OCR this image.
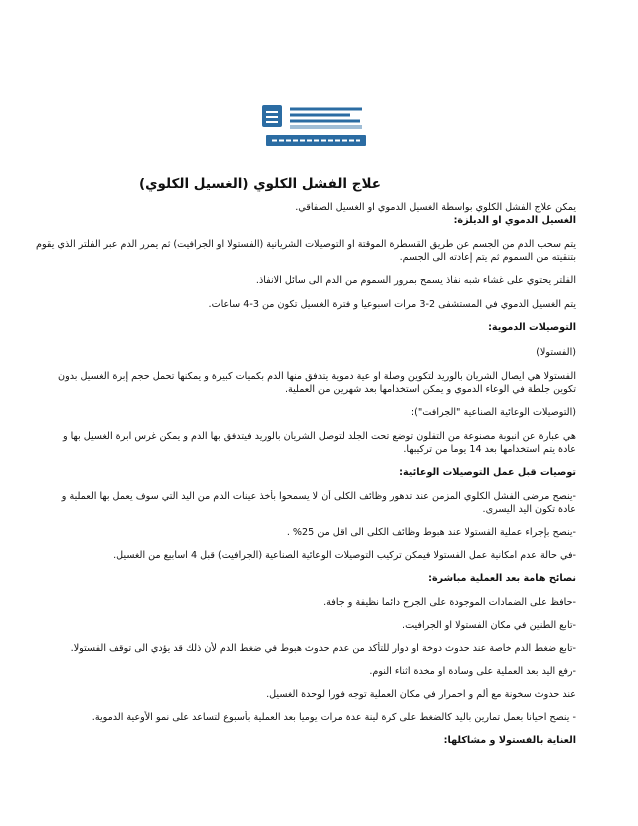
علاج الفشل الكلوي (الغسيل الكلوي)
يمكن علاج الفشل الكلوي بواسطة الغسيل الدموي او الغسيل الصفاقي.
الغسيل الدموي او الديلزة:
يتم سحب الدم من الجسم عن طريق القسطرة الموقتة او التوصيلات الشريانية (الفستولا او الجرافيت) ثم يمرر الدم عبر الفلتر الذي يقوم
بتنقيته من السموم ثم يتم إعادته الى الجسم.
الفلتر يحتوي على غشاء شبه نفاذ يسمح بمرور السموم من الدم الى سائل الانفاذ.
يتم الغسيل الدموي في المستشفى 2-3 مرات اسبوعيا و فترة الغسيل تكون من 3-4 ساعات.
التوصيلات الدموية:
(الفستولا)
الفستولا هي ايصال الشريان بالوريد لتكوين وصلة او عية دموية يتدفق منها الدم بكميات كبيرة و يمكنها تحمل حجم إبرة الغسيل بدون
تكوين جلطة في الوعاء الدموي و يمكن استخدامها بعد شهرين من العملية.
(التوصيلات الوعائية الصناعية "الجرافت"):
هي عبارة عن انبوبة مصنوعة من التفلون توضع تحت الجلد لتوصل الشريان بالوريد فيتدفق بها الدم و يمكن غرس ابرة الغسيل بها و
عادة يتم استخدامها بعد 14 يوما من تركيبها.
توصيات قبل عمل التوصيلات الوعائية:
-ينصح مرضى الفشل الكلوي المزمن عند تدهور وظائف الكلى أن لا يسمحوا بأخذ عينات الدم من اليد التي سوف يعمل بها العملية و
عادة تكون اليد اليسرى.
-ينصح بإجراء عملية الفستولا عند هبوط وظائف الكلى الى اقل من 25% .
-في حالة عدم امكانية عمل الفستولا فيمكن تركيب التوصيلات الوعائية الصناعية (الجرافيت) قبل 4 اسابيع من الغسيل.
نصائح هامة بعد العملية مباشرة:
-حافظ على الضمادات الموجودة على الجرح دائما نظيفة و جافة.
-تابع الطنين في مكان الفستولا او الجرافيت.
-تابع ضغط الدم خاصة عند حدوث دوخة او دوار للتأكد من عدم حدوث هبوط في ضغط الدم لأن ذلك قد يؤدي الى توقف الفستولا.
-رفع اليد بعد العملية على وسادة او مخدة اثناء النوم.
عند حدوث سخونة مع ألم و احمرار في مكان العملية توجه فورا لوحدة الغسيل.
- ينصح احيانا بعمل تمارين باليد كالضغط على كرة لينة عدة مرات يوميا بعد العملية بأسبوع لتساعد على نمو الأوعية الدموية.
العناية بالفستولا و مشاكلها:
